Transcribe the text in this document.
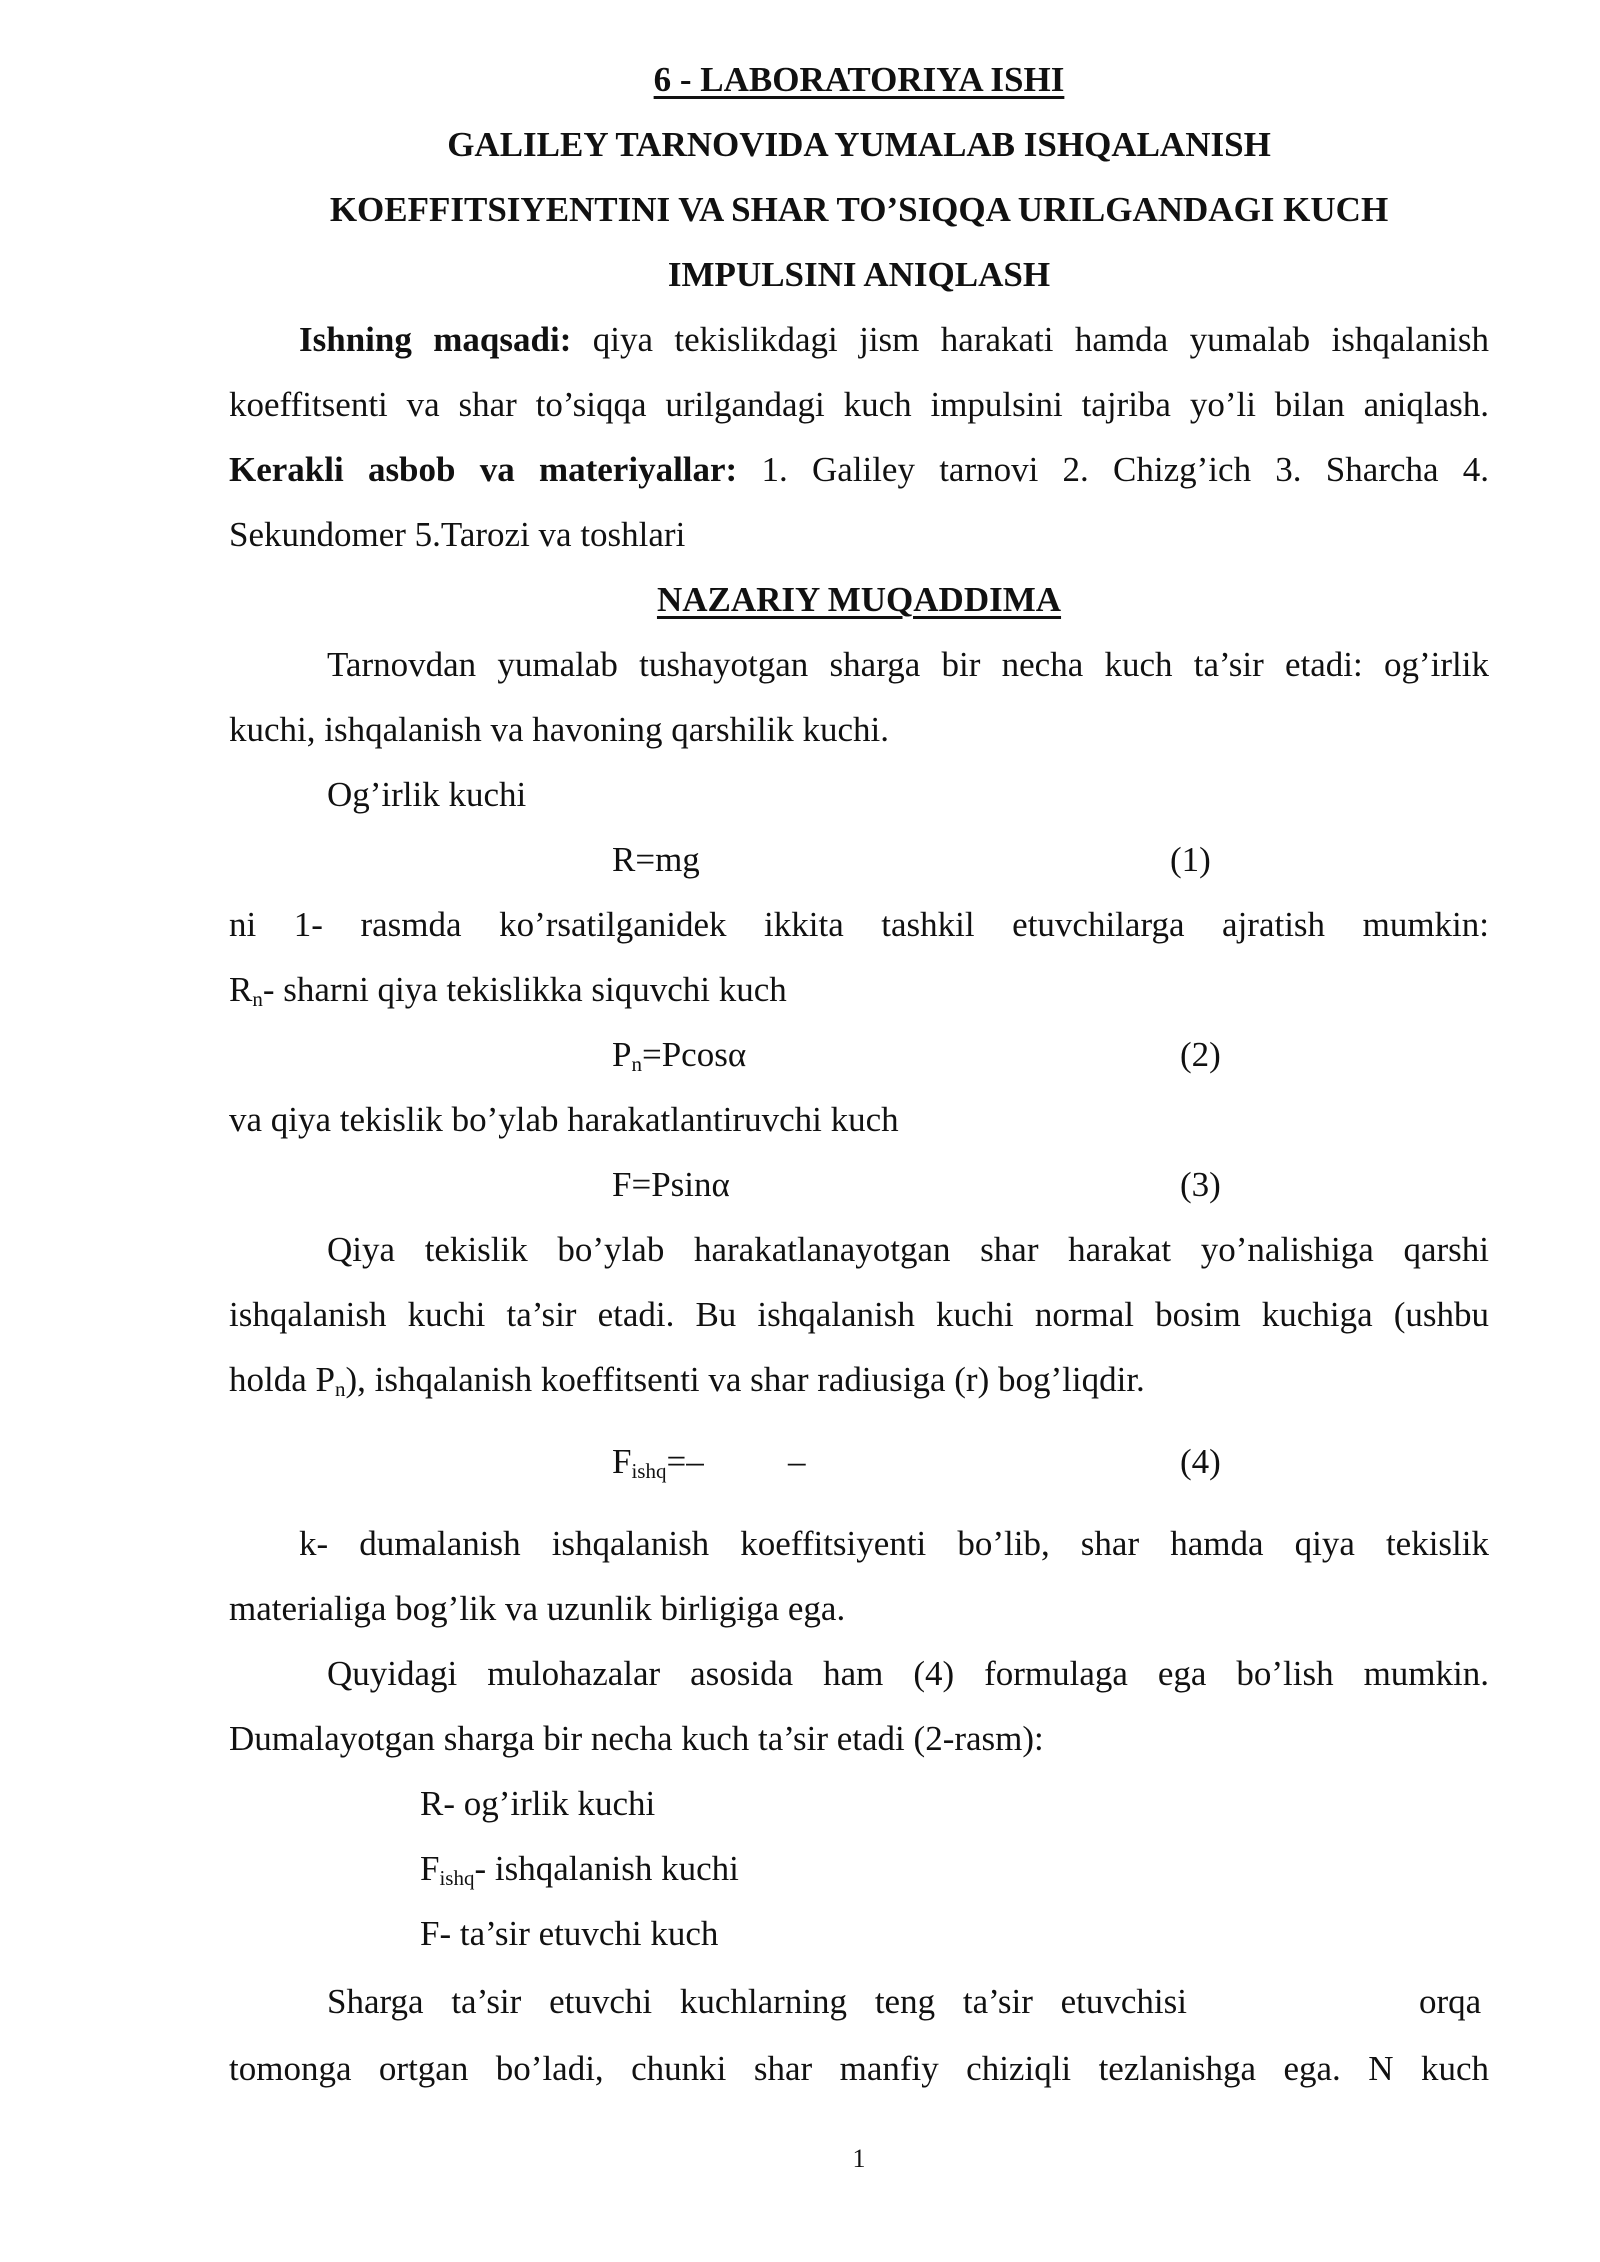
6 - LABORATORIYA ISHI
GALILEY TARNOVIDA YUMALAB ISHQALANISH
KOEFFITSIYENTINI VA SHAR TO’SIQQA URILGANDAGI KUCH
IMPULSINI ANIQLASH
Ishning maqsadi: qiya tekislikdagi jism harakati hamda yumalab ishqalanish
koeffitsenti va shar to’siqqa urilgandagi kuch impulsini tajriba yo’li bilan aniqlash.
Kerakli asbob va materiyallar: 1. Galiley tarnovi 2. Chizg’ich 3. Sharcha 4.
Sekundomer 5.Tarozi va toshlari
NAZARIY MUQADDIMA
Tarnovdan yumalab tushayotgan sharga bir necha kuch ta’sir etadi: og’irlik
kuchi, ishqalanish va havoning qarshilik kuchi.
Og’irlik kuchi
R=mg	(1)
ni 1- rasmda ko’rsatilganidek ikkita tashkil etuvchilarga ajratish mumkin:
$R_n-$ sharni qiya tekislikka siquvchi kuch
$P_n=Pcos\alpha$	(2)
va qiya tekislik bo’ylab harakatlantiruvchi kuch
F=Psinα	(3)
Qiya tekislik bo’ylab harakatlanayotgan shar harakat yo’nalishiga qarshi
ishqalanish kuchi ta’sir etadi. Bu ishqalanish kuchi normal bosim kuchiga (ushbu
holda $P_n$), ishqalanish koeffitsenti va shar radiusiga (r) bog’liqdir.
$F_{ishq}=-$ –	(4)
k- dumalanish ishqalanish koeffitsiyenti bo’lib, shar hamda qiya tekislik
materialiga bog’lik va uzunlik birligiga ega.
Quyidagi mulohazalar asosida ham (4) formulaga ega bo’lish mumkin.
Dumalayotgan sharga bir necha kuch ta’sir etadi (2-rasm):
R- og’irlik kuchi
$F_{ishq}-$ ishqalanish kuchi
F- ta’sir etuvchi kuch
Sharga ta’sir etuvchi kuchlarning teng ta’sir etuvchisi	orqa
tomonga ortgan bo’ladi, chunki shar manfiy chiziqli tezlanishga ega. N kuch
1
